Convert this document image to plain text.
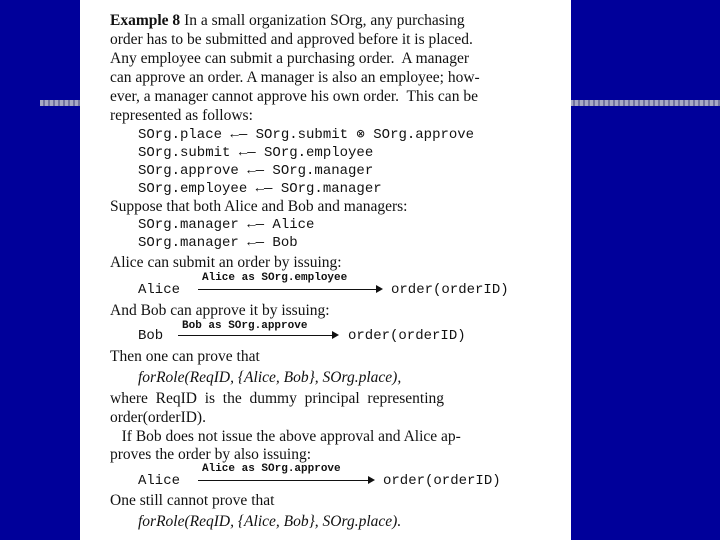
Example 8 In a small organization SOrg, any purchasing
order has to be submitted and approved before it is placed.
Any employee can submit a purchasing order.  A manager
can approve an order. A manager is also an employee; how-
ever, a manager cannot approve his own order.  This can be
represented as follows:
SOrg.place ←— SOrg.submit ⊗ SOrg.approve
SOrg.submit ←— SOrg.employee
SOrg.approve ←— SOrg.manager
SOrg.employee ←— SOrg.manager
Suppose that both Alice and Bob and managers:
SOrg.manager ←— Alice
SOrg.manager ←— Bob
Alice can submit an order by issuing:
Alice
Alice as SOrg.employee
order(orderID)
And Bob can approve it by issuing:
Bob
Bob as SOrg.approve
order(orderID)
Then one can prove that
forRole(ReqID, {Alice, Bob}, SOrg.place),
where  ReqID  is  the  dummy  principal  representing
order(orderID).
If Bob does not issue the above approval and Alice ap-
proves the order by also issuing:
Alice
Alice as SOrg.approve
order(orderID)
One still cannot prove that
forRole(ReqID, {Alice, Bob}, SOrg.place).
